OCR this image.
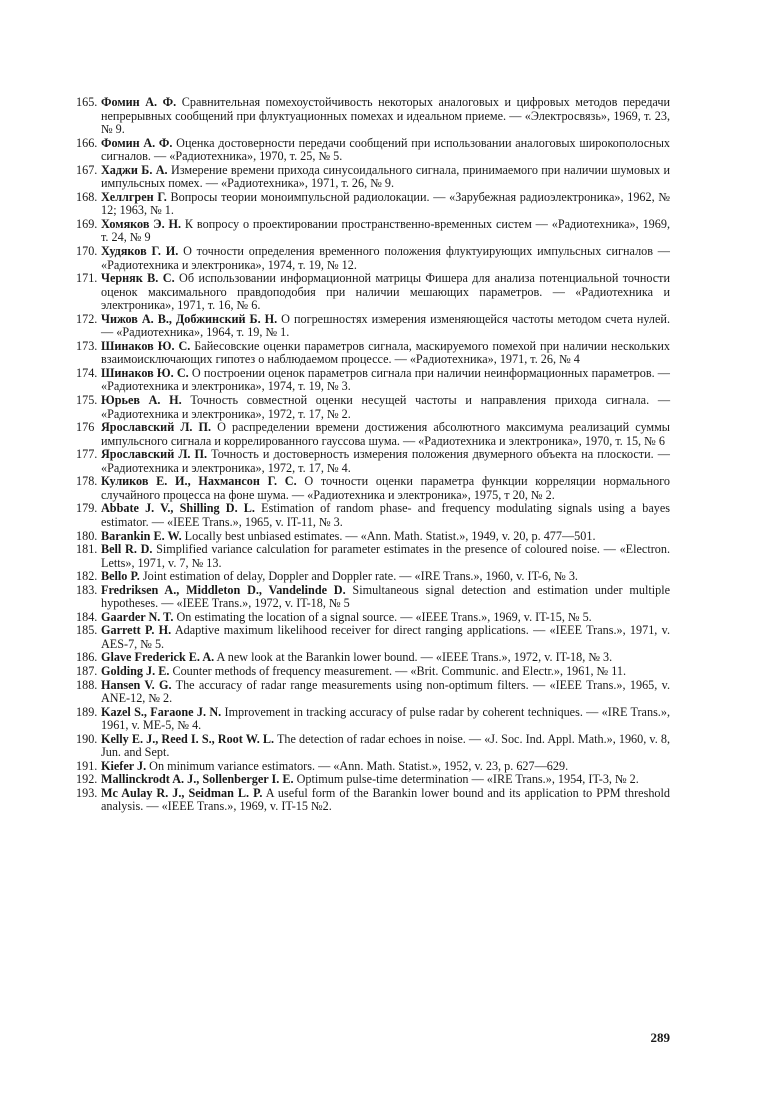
165. Фомин А. Ф. Сравнительная помехоустойчивость некоторых аналоговых и цифровых методов передачи непрерывных сообщений при флуктуационных помехах и идеальном приеме. — «Электросвязь», 1969, т. 23, № 9.

166. Фомин А. Ф. Оценка достоверности передачи сообщений при использовании аналоговых широкополосных сигналов. — «Радиотехника», 1970, т. 25, № 5.

167. Хаджи Б. А. Измерение времени прихода синусоидального сигнала, принимаемого при наличии шумовых и импульсных помех. — «Радиотехника», 1971, т. 26, № 9.

168. Хеллгрен Г. Вопросы теории моноимпульсной радиолокации. — «Зарубежная радиоэлектроника», 1962, № 12; 1963, № 1.

169. Хомяков Э. Н. К вопросу о проектировании пространственно-временных систем — «Радиотехника», 1969, т. 24, № 9

170. Худяков Г. И. О точности определения временного положения флуктуирующих импульсных сигналов — «Радиотехника и электроника», 1974, т. 19, № 12.

171. Черняк В. С. Об использовании информационной матрицы Фишера для анализа потенциальной точности оценок максимального правдоподобия при наличии мешающих параметров. — «Радиотехника и электроника», 1971, т. 16, № 6.

172. Чижов А. В., Добжинский Б. Н. О погрешностях измерения изменяющейся частоты методом счета нулей. — «Радиотехника», 1964, т. 19, № 1.

173. Шинаков Ю. С. Байесовские оценки параметров сигнала, маскируемого помехой при наличии нескольких взаимоисключающих гипотез о наблюдаемом процессе. — «Радиотехника», 1971, т. 26, № 4

174. Шинаков Ю. С. О построении оценок параметров сигнала при наличии неинформационных параметров. — «Радиотехника и электроника», 1974, т. 19, № 3.

175. Юрьев А. Н. Точность совместной оценки несущей частоты и направления прихода сигнала. — «Радиотехника и электроника», 1972, т. 17, № 2.

176 Ярославский Л. П. О распределении времени достижения абсолютного максимума реализаций суммы импульсного сигнала и коррелированного гауссова шума. — «Радиотехника и электроника», 1970, т. 15, № 6

177. Ярославский Л. П. Точность и достоверность измерения положения двумерного объекта на плоскости. — «Радиотехника и электроника», 1972, т. 17, № 4.

178. Куликов Е. И., Нахмансон Г. С. О точности оценки параметра функции корреляции нормального случайного процесса на фоне шума. — «Радиотехника и электроника», 1975, т 20, № 2.

179. Abbate J. V., Shilling D. L. Estimation of random phase- and frequency modulating signals using a bayes estimator. — «IEEE Trans.», 1965, v. IT-11, № 3.

180. Barankin E. W. Locally best unbiased estimates. — «Ann. Math. Statist.», 1949, v. 20, p. 477—501.

181. Bell R. D. Simplified variance calculation for parameter estimates in the presence of coloured noise. — «Electron. Letts», 1971, v. 7, № 13.

182. Bello P. Joint estimation of delay, Doppler and Doppler rate. — «IRE Trans.», 1960, v. IT-6, № 3.

183. Fredriksen A., Middleton D., Vandelinde D. Simultaneous signal detection and estimation under multiple hypotheses. — «IEEE Trans.», 1972, v. IT-18, № 5

184. Gaarder N. T. On estimating the location of a signal source. — «IEEE Trans.», 1969, v. IT-15, № 5.

185. Garrett P. H. Adaptive maximum likelihood receiver for direct ranging applications. — «IEEE Trans.», 1971, v. AES-7, № 5.

186. Glave Frederick E. A. A new look at the Barankin lower bound. — «IEEE Trans.», 1972, v. IT-18, № 3.

187. Golding J. E. Counter methods of frequency measurement. — «Brit. Communic. and Electr.», 1961, № 11.

188. Hansen V. G. The accuracy of radar range measurements using non-optimum filters. — «IEEE Trans.», 1965, v. ANE-12, № 2.

189. Kazel S., Faraone J. N. Improvement in tracking accuracy of pulse radar by coherent techniques. — «IRE Trans.», 1961, v. ME-5, № 4.

190. Kelly E. J., Reed I. S., Root W. L. The detection of radar echoes in noise. — «J. Soc. Ind. Appl. Math.», 1960, v. 8, Jun. and Sept.

191. Kiefer J. On minimum variance estimators. — «Ann. Math. Statist.», 1952, v. 23, p. 627—629.

192. Mallinckrodt A. J., Sollenberger I. E. Optimum pulse-time determination — «IRE Trans.», 1954, IT-3, № 2.

193. Mc Aulay R. J., Seidman L. P. A useful form of the Barankin lower bound and its application to PPM threshold analysis. — «IEEE Trans.», 1969, v. IT-15 №2.

289
